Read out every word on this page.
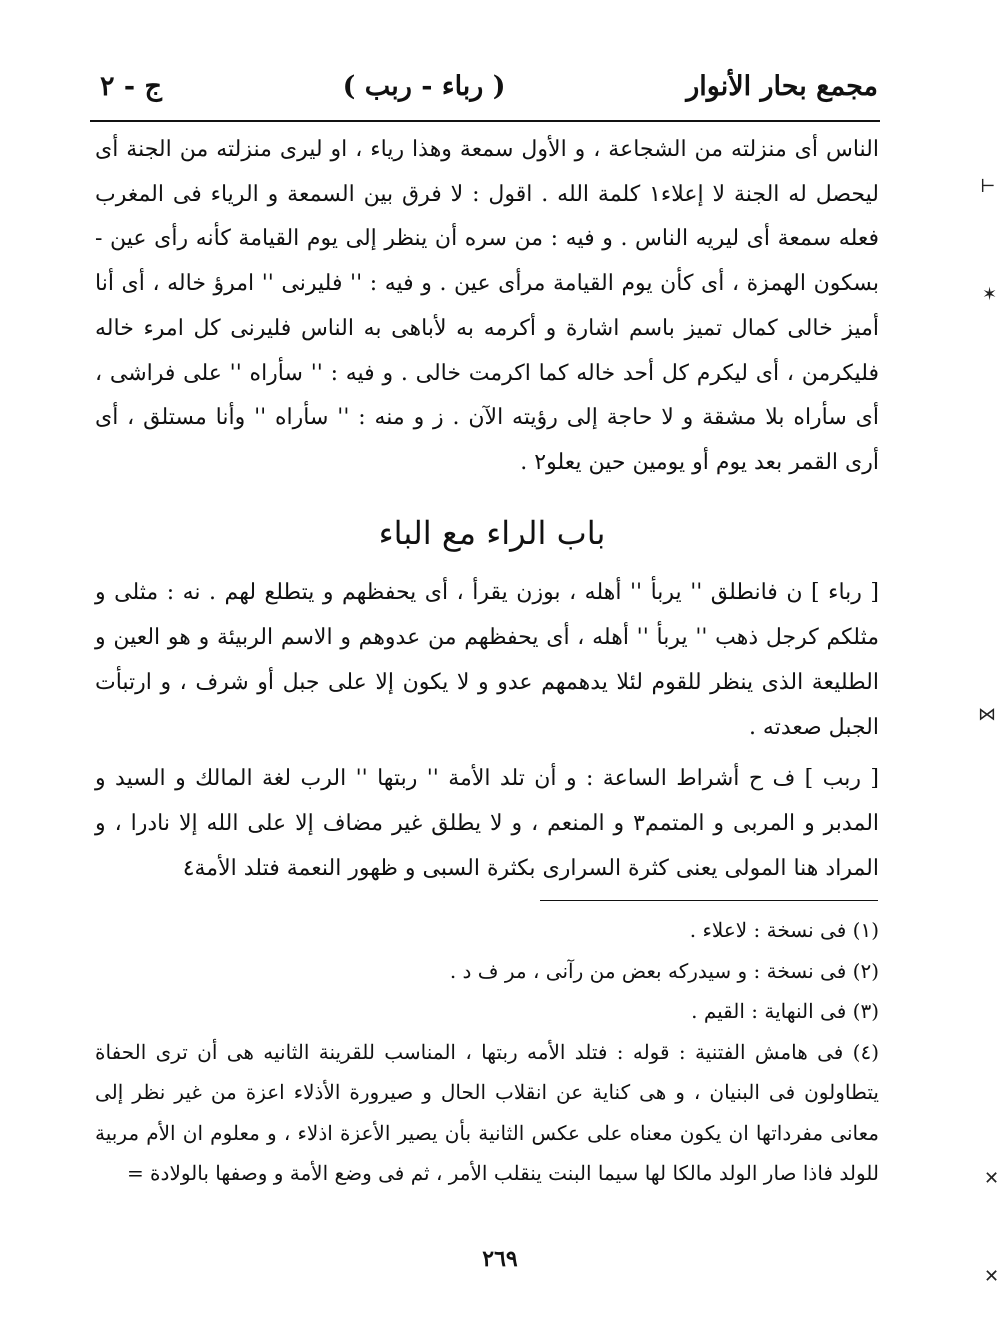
مجمع بحار الأنوار
( رباء - ربب )
ج - ٢

الناس أى منزلته من الشجاعة ، و الأول سمعة وهذا رياء ، او ليرى منزلته من الجنة أى ليحصل له الجنة لا إعلاء١ كلمة الله . اقول : لا فرق بين السمعة و الرياء فى المغرب فعله سمعة أى ليريه الناس . و فيه : من سره أن ينظر إلى يوم القيامة كأنه رأى عين - بسكون الهمزة ، أى كأن يوم القيامة مرأى عين . و فيه : '' فليرنى '' امرؤ خاله ، أى أنا أميز خالى كمال تميز باسم اشارة و أكرمه به لأباهى به الناس فليرنى كل امرء خاله فليكرمن ، أى ليكرم كل أحد خاله كما اكرمت خالى . و فيه : '' سأراه '' على فراشى ، أى سأراه بلا مشقة و لا حاجة إلى رؤيته الآن . ز و منه : '' سأراه '' وأنا مستلق ، أى أرى القمر بعد يوم أو يومين حين يعلو٢ .

باب الراء مع الباء

[ رباء ] ن فانطلق '' يربأ '' أهله ، بوزن يقرأ ، أى يحفظهم و يتطلع لهم . نه : مثلى و مثلكم كرجل ذهب '' يربأ '' أهله ، أى يحفظهم من عدوهم و الاسم الربيئة و هو العين و الطليعة الذى ينظر للقوم لئلا يدهمهم عدو و لا يكون إلا على جبل أو شرف ، و ارتبأت الجبل صعدته .

[ ربب ] ف ح أشراط الساعة : و أن تلد الأمة '' ربتها '' الرب لغة المالك و السيد و المدبر و المربى و المتمم٣ و المنعم ، و لا يطلق غير مضاف إلا على الله إلا نادرا ، و المراد هنا المولى يعنى كثرة السرارى بكثرة السبى و ظهور النعمة فتلد الأمة٤

(١) فى نسخة : لاعلاء .

(٢) فى نسخة : و سيدركه بعض من رآنى ، مر ف د .

(٣) فى النهاية : القيم .

(٤) فى هامش الفتنية : قوله : فتلد الأمه ربتها ، المناسب للقرينة الثانيه هى أن ترى الحفاة يتطاولون فى البنيان ، و هى كناية عن انقلاب الحال و صيرورة الأذلاء اعزة من غير نظر إلى معانى مفرداتها ان يكون معناه على عكس الثانية بأن يصير الأعزة اذلاء ، و معلوم ان الأم مربية للولد فاذا صار الولد مالكا لها سيما البنت ينقلب الأمر ، ثم فى وضع الأمة و وصفها بالولادة =

٢٦٩
⊢
✶
⋈
✕
✕
